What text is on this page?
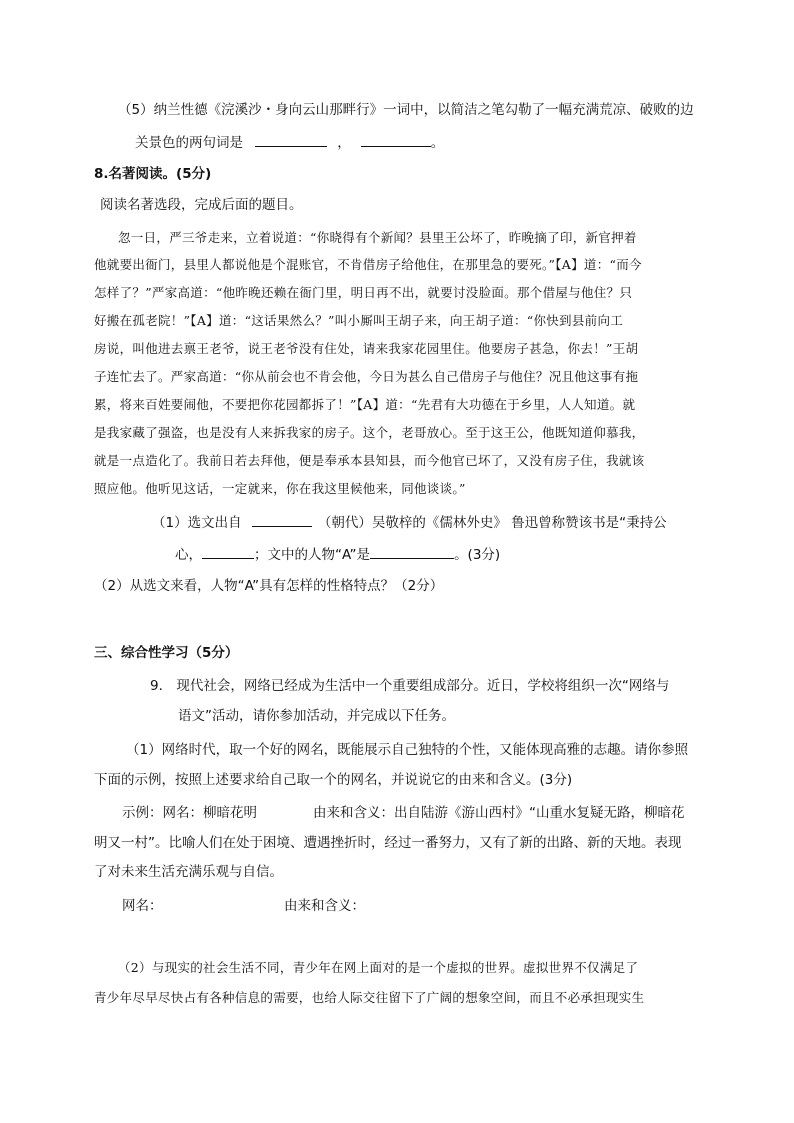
（5）纳兰性德《浣溪沙・身向云山那畔行》一词中，以简洁之笔勾勒了一幅充满荒凉、破败的边
关景色的两句词是	，	。
8.名著阅读。(5分)
阅读名著选段，完成后面的题目。
忽一日，严三爷走来，立着说道：“你晓得有个新闻？县里王公坏了，昨晚摘了印，新官押着
他就要出衙门，县里人都说他是个混账官，不肯借房子给他住，在那里急的要死。”【A】道：“而今
怎样了？”严家高道：“他昨晚还赖在衙门里，明日再不出，就要讨没脸面。那个借屋与他住？只
好搬在孤老院！”【A】道：“这话果然么？”叫小厮叫王胡子来，向王胡子道：“你快到县前向工
房说，叫他进去禀王老爷，说王老爷没有住处，请来我家花园里住。他要房子甚急，你去！”王胡
子连忙去了。严家高道：“你从前会也不肯会他，今日为甚么自己借房子与他住？况且他这事有拖
累，将来百姓要闹他，不要把你花园都拆了！”【A】道：“先君有大功德在于乡里，人人知道。就
是我家藏了强盗，也是没有人来拆我家的房子。这个，老哥放心。至于这王公，他既知道仰慕我，
就是一点造化了。我前日若去拜他，便是奉承本县知县，而今他官已坏了，又没有房子住，我就该
照应他。他听见这话，一定就来，你在我这里候他来，同他谈谈。”
（1）选文出自	（朝代）吴敬梓的《儒林外史》 鲁迅曾称赞该书是“秉持公
心，	；文中的人物“A”是	。(3分)
（2）从选文来看，人物“A”具有怎样的性格特点？（2分）
三、综合性学习（5分）
9． 现代社会，网络已经成为生活中一个重要组成部分。近日，学校将组织一次“网络与
语文”活动，请你参加活动，并完成以下任务。
（1）网络时代，取一个好的网名，既能展示自己独特的个性，又能体现高雅的志趣。请你参照
下面的示例，按照上述要求给自己取一个的网名，并说说它的由来和含义。(3分)
示例：网名：柳暗花明	由来和含义：出自陆游《游山西村》“山重水复疑无路，柳暗花
明又一村”。比喻人们在处于困境、遭遇挫折时，经过一番努力，又有了新的出路、新的天地。表现
了对未来生活充满乐观与自信。
网名：	由来和含义：
（2）与现实的社会生活不同，青少年在网上面对的是一个虚拟的世界。虚拟世界不仅满足了
青少年尽早尽快占有各种信息的需要，也给人际交往留下了广阔的想象空间，而且不必承担现实生
